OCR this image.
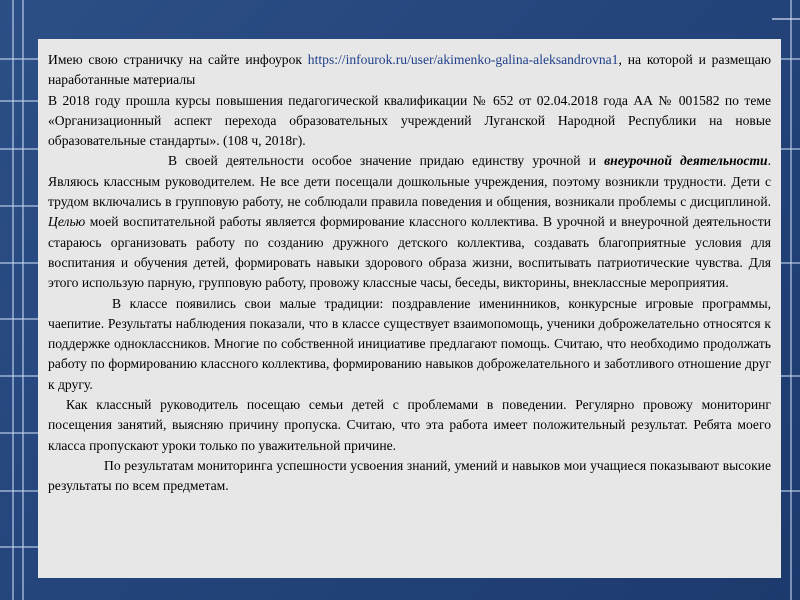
Имею свою страничку на сайте инфоурок https://infourok.ru/user/akimenko-galina-aleksandrovna1, на которой и размещаю наработанные материалы

В 2018 году прошла курсы повышения педагогической квалификации № 652 от 02.04.2018 года АА № 001582 по теме «Организационный аспект перехода образовательных учреждений Луганской Народной Республики на новые образовательные стандарты». (108 ч, 2018г).

В своей деятельности особое значение придаю единству урочной и внеурочной деятельности. Являюсь классным руководителем. Не все дети посещали дошкольные учреждения, поэтому возникли трудности. Дети с трудом включались в групповую работу, не соблюдали правила поведения и общения, возникали проблемы с дисциплиной. Целью моей воспитательной работы является формирование классного коллектива. В урочной и внеурочной деятельности стараюсь организовать работу по созданию дружного детского коллектива, создавать благоприятные условия для воспитания и обучения детей, формировать навыки здорового образа жизни, воспитывать патриотические чувства. Для этого использую парную, групповую работу, провожу классные часы, беседы, викторины, внеклассные мероприятия.

В классе появились свои малые традиции: поздравление именинников, конкурсные игровые программы, чаепитие. Результаты наблюдения показали, что в классе существует взаимопомощь, ученики доброжелательно относятся к поддержке одноклассников. Многие по собственной инициативе предлагают помощь. Считаю, что необходимо продолжать работу по формированию классного коллектива, формированию навыков доброжелательного и заботливого отношение друг к другу.

Как классный руководитель посещаю семьи детей с проблемами в поведении. Регулярно провожу мониторинг посещения занятий, выясняю причину пропуска. Считаю, что эта работа имеет положительный результат. Ребята моего класса пропускают уроки только по уважительной причине.

По результатам мониторинга успешности усвоения знаний, умений и навыков мои учащиеся показывают высокие результаты по всем предметам.
